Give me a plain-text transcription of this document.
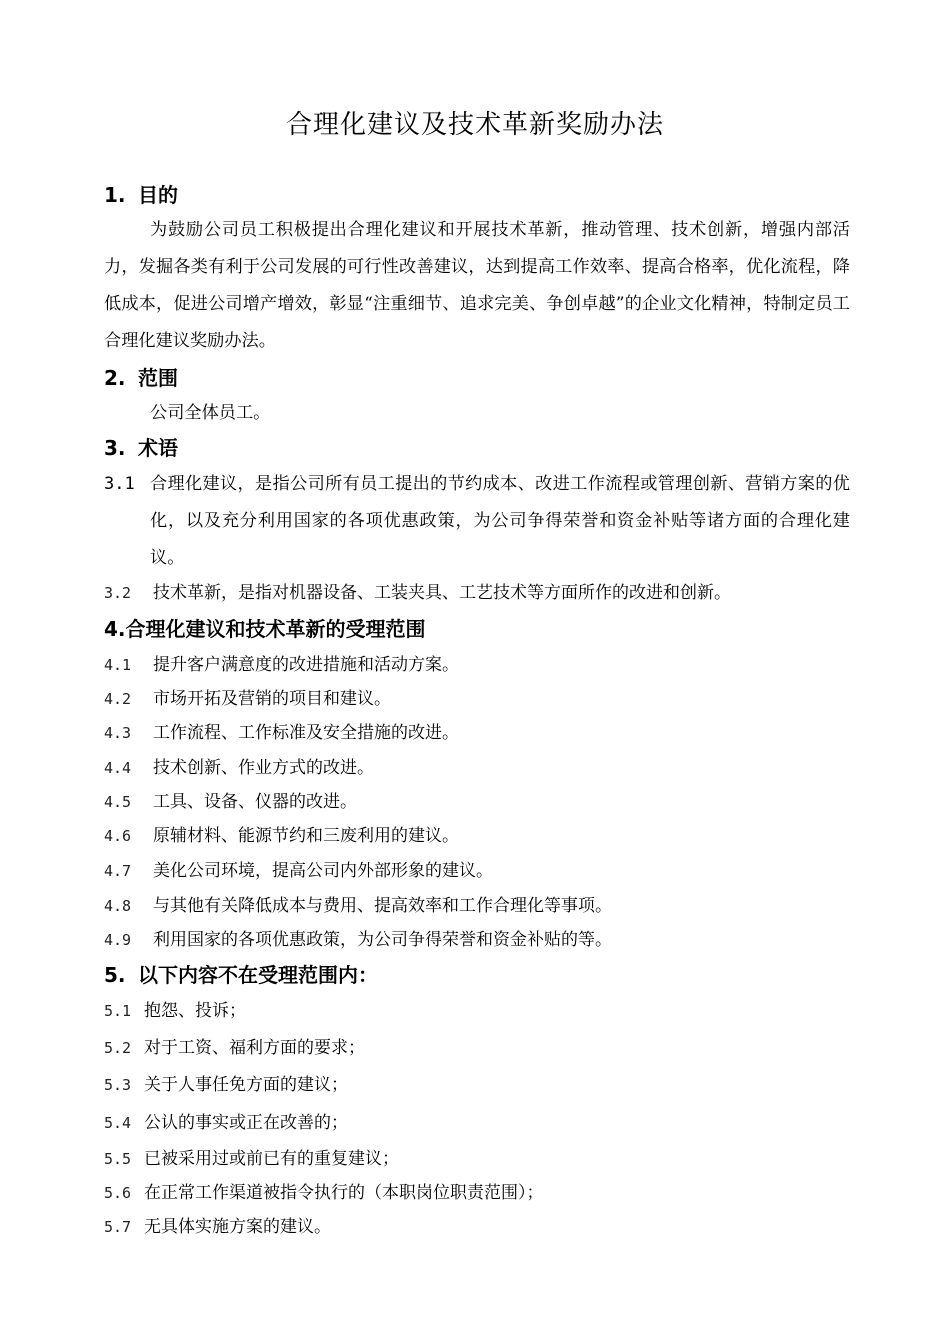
合理化建议及技术革新奖励办法
1. 目的

为鼓励公司员工积极提出合理化建议和开展技术革新，推动管理、技术创新，增强内部活力，发掘各类有利于公司发展的可行性改善建议，达到提高工作效率、提高合格率，优化流程，降低成本，促进公司增产增效，彰显“注重细节、追求完美、争创卓越”的企业文化精神，特制定员工合理化建议奖励办法。

2. 范围

公司全体员工。

3. 术语
3.1 合理化建议，是指公司所有员工提出的节约成本、改进工作流程或管理创新、营销方案的优化，以及充分利用国家的各项优惠政策，为公司争得荣誉和资金补贴等诸方面的合理化建议。
3.2 技术革新，是指对机器设备、工装夹具、工艺技术等方面所作的改进和创新。
4.合理化建议和技术革新的受理范围
4.1 提升客户满意度的改进措施和活动方案。
4.2 市场开拓及营销的项目和建议。
4.3 工作流程、工作标准及安全措施的改进。
4.4 技术创新、作业方式的改进。
4.5 工具、设备、仪器的改进。
4.6 原辅材料、能源节约和三废利用的建议。
4.7 美化公司环境，提高公司内外部形象的建议。
4.8 与其他有关降低成本与费用、提高效率和工作合理化等事项。
4.9 利用国家的各项优惠政策，为公司争得荣誉和资金补贴的等。
5. 以下内容不在受理范围内：
5.1 抱怨、投诉；
5.2 对于工资、福利方面的要求；
5.3 关于人事任免方面的建议；
5.4 公认的事实或正在改善的；
5.5 已被采用过或前已有的重复建议；
5.6 在正常工作渠道被指令执行的（本职岗位职责范围）；
5.7 无具体实施方案的建议。
